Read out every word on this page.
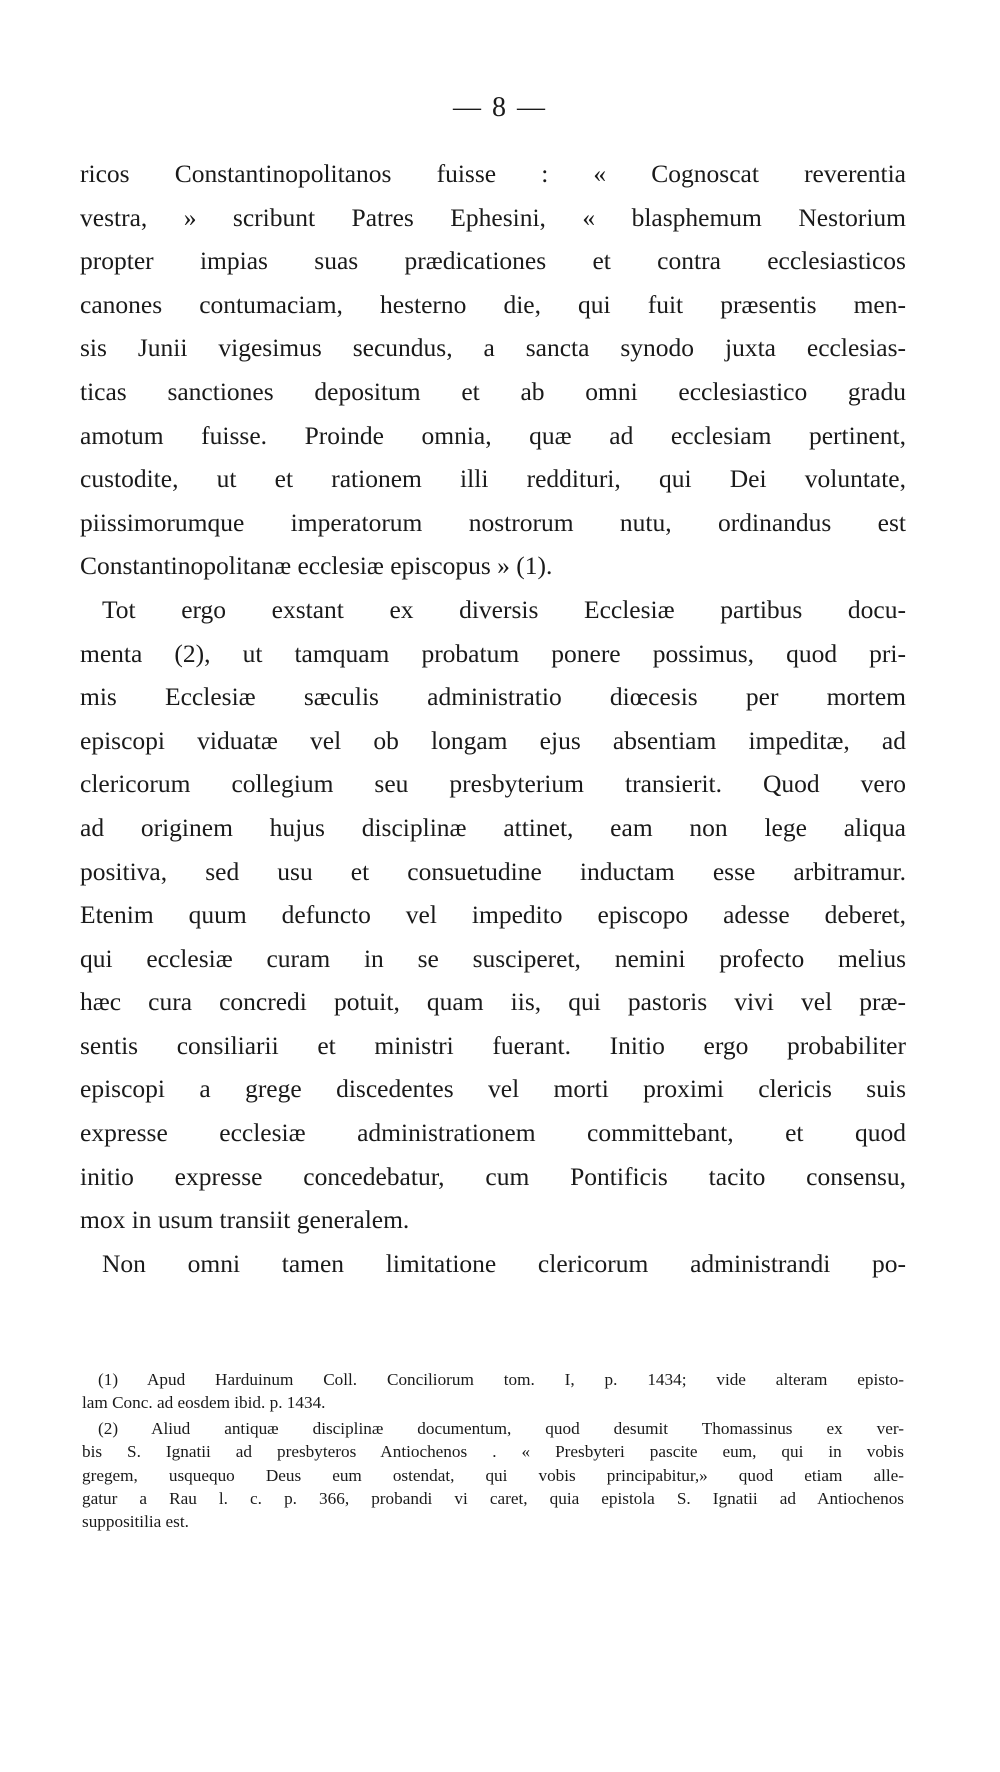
— 8 —

ricos Constantinopolitanos fuisse : « Cognoscat reverentia
vestra, » scribunt Patres Ephesini, « blasphemum Nestorium
propter impias suas prædicationes et contra ecclesiasticos
canones contumaciam, hesterno die, qui fuit præsentis men-
sis Junii vigesimus secundus, a sancta synodo juxta ecclesias-
ticas sanctiones depositum et ab omni ecclesiastico gradu
amotum fuisse. Proinde omnia, quæ ad ecclesiam pertinent,
custodite, ut et rationem illi reddituri, qui Dei voluntate,
piissimorumque imperatorum nostrorum nutu, ordinandus est
Constantinopolitanæ ecclesiæ episcopus » (1).

Tot ergo exstant ex diversis Ecclesiæ partibus docu-
menta (2), ut tamquam probatum ponere possimus, quod pri-
mis Ecclesiæ sæculis administratio diœcesis per mortem
episcopi viduatæ vel ob longam ejus absentiam impeditæ, ad
clericorum collegium seu presbyterium transierit. Quod vero
ad originem hujus disciplinæ attinet, eam non lege aliqua
positiva, sed usu et consuetudine inductam esse arbitramur.
Etenim quum defuncto vel impedito episcopo adesse deberet,
qui ecclesiæ curam in se susciperet, nemini profecto melius
hæc cura concredi potuit, quam iis, qui pastoris vivi vel præ-
sentis consiliarii et ministri fuerant. Initio ergo probabiliter
episcopi a grege discedentes vel morti proximi clericis suis
expresse ecclesiæ administrationem committebant, et quod
initio expresse concedebatur, cum Pontificis tacito consensu,
mox in usum transiit generalem.

Non omni tamen limitatione clericorum administrandi po-

(1) Apud Harduinum Coll. Conciliorum tom. I, p. 1434; vide alteram episto-
lam Conc. ad eosdem ibid. p. 1434.

(2) Aliud antiquæ disciplinæ documentum, quod desumit Thomassinus ex ver-
bis S. Ignatii ad presbyteros Antiochenos . « Presbyteri pascite eum, qui in vobis
gregem, usquequo Deus eum ostendat, qui vobis principabitur,» quod etiam alle-
gatur a Rau l. c. p. 366, probandi vi caret, quia epistola S. Ignatii ad Antiochenos
suppositilia est.
